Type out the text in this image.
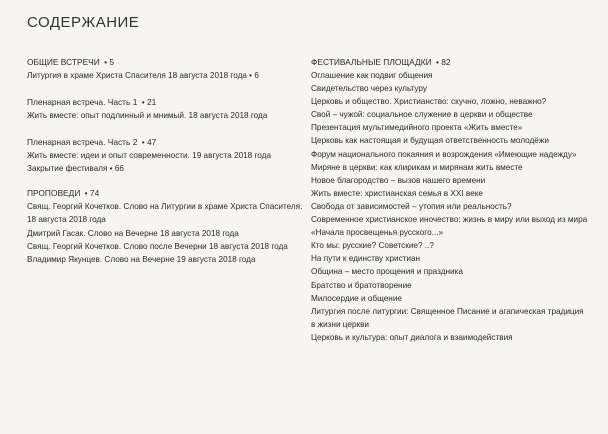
СОДЕРЖАНИЕ
ОБЩИЕ ВСТРЕЧИ • 5
Литургия в храме Христа Спасителя 18 августа 2018 года • 6
Пленарная встреча. Часть 1 • 21
Жить вместе: опыт подлинный и мнимый. 18 августа 2018 года
Пленарная встреча. Часть 2 • 47
Жить вместе: идеи и опыт современности. 19 августа 2018 года
Закрытие фестиваля • 66
ПРОПОВЕДИ • 74
Свящ. Георгий Кочетков. Слово на Литургии в храме Христа Спасителя.
18 августа 2018 года
Дмитрий Гасак. Слово на Вечерне 18 августа 2018 года
Свящ. Георгий Кочетков. Слово после Вечерни 18 августа 2018 года
Владимир Якунцев. Слово на Вечерне 19 августа 2018 года
ФЕСТИВАЛЬНЫЕ ПЛОЩАДКИ • 82
Оглашение как подвиг общения
Свидетельство через культуру
Церковь и общество. Христианство: скучно, ложно, неважно?
Свой – чужой: социальное служение в церкви и обществе
Презентация мультимедийного проекта «Жить вместе»
Церковь как настоящая и будущая ответственность молодёжи
Форум национального покаяния и возрождения «Имеющие надежду»
Миряне в церкви: как клирикам и мирянам жить вместе
Новое благородство – вызов нашего времени
Жить вместе: христианская семья в XXI веке
Свобода от зависимостей – утопия или реальность?
Современное христианское иночество: жизнь в миру или выход из мира
«Начала просвещенья русского...»
Кто мы: русские? Советские? ..?
На пути к единству христиан
Община – место прощения и праздника
Братство и братотворение
Милосердие и общение
Литургия после литургии: Священное Писание и агапическая традиция
в жизни церкви
Церковь и культура: опыт диалога и взаимодействия
